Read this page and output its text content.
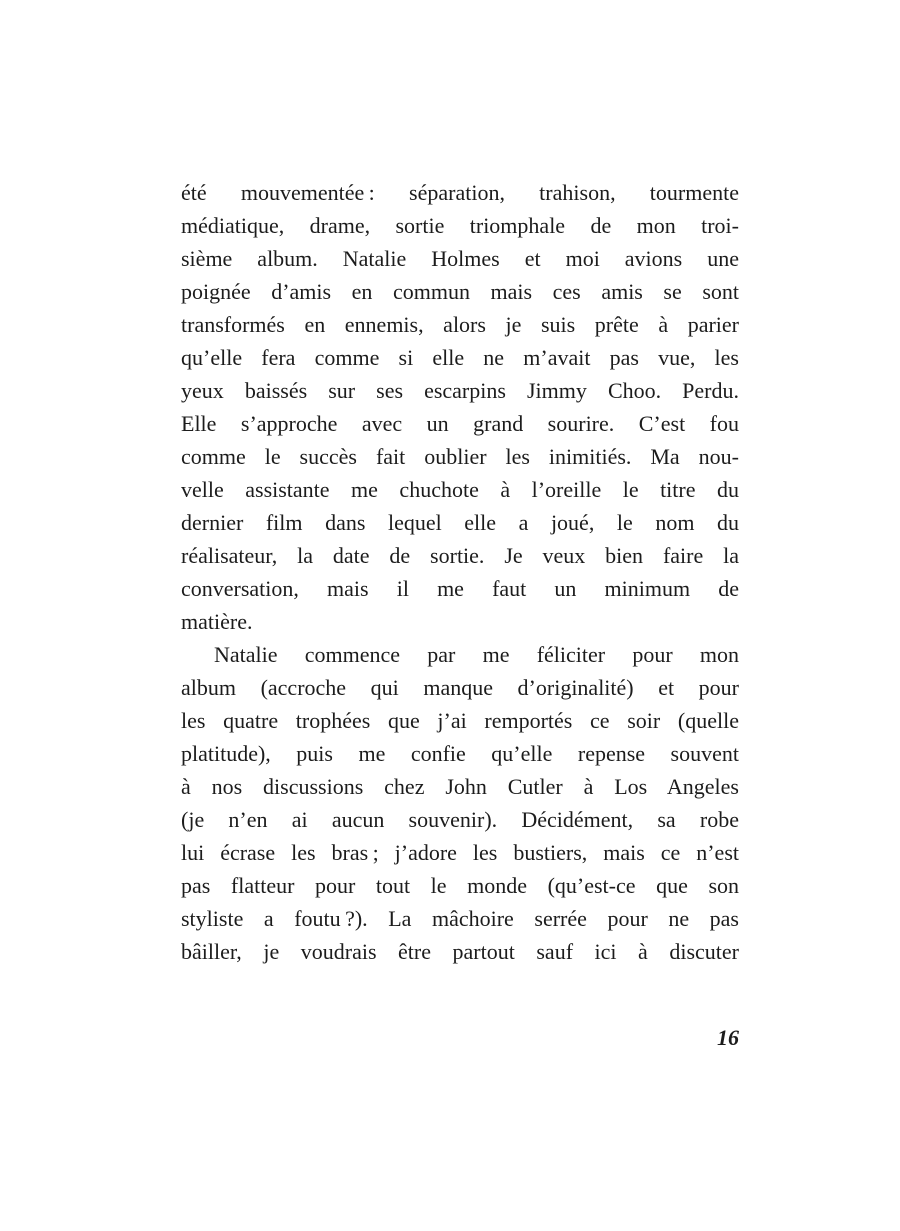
été mouvementée : séparation, trahison, tourmente
médiatique, drame, sortie triomphale de mon troi-
sième album. Natalie Holmes et moi avions une
poignée d’amis en commun mais ces amis se sont
transformés en ennemis, alors je suis prête à parier
qu’elle fera comme si elle ne m’avait pas vue, les
yeux baissés sur ses escarpins Jimmy Choo. Perdu.
Elle s’approche avec un grand sourire. C’est fou
comme le succès fait oublier les inimitiés. Ma nou-
velle assistante me chuchote à l’oreille le titre du
dernier film dans lequel elle a joué, le nom du
réalisateur, la date de sortie. Je veux bien faire la
conversation, mais il me faut un minimum de
matière.
Natalie commence par me féliciter pour mon
album (accroche qui manque d’originalité) et pour
les quatre trophées que j’ai remportés ce soir (quelle
platitude), puis me confie qu’elle repense souvent
à nos discussions chez John Cutler à Los Angeles
(je n’en ai aucun souvenir). Décidément, sa robe
lui écrase les bras ; j’adore les bustiers, mais ce n’est
pas flatteur pour tout le monde (qu’est-ce que son
styliste a foutu ?). La mâchoire serrée pour ne pas
bâiller, je voudrais être partout sauf ici à discuter
16
